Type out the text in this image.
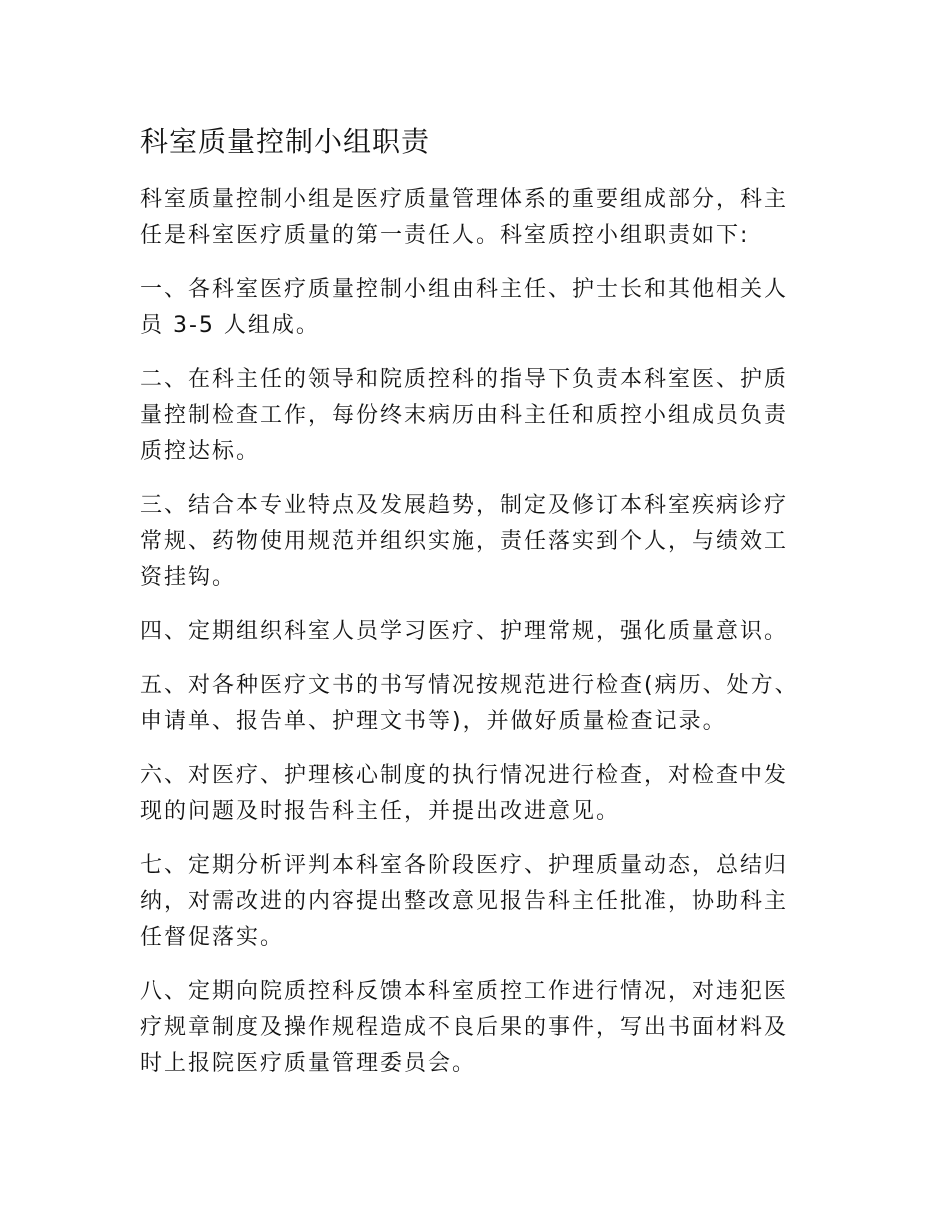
科室质量控制小组职责

科室质量控制小组是医疗质量管理体系的重要组成部分，科主任是科室医疗质量的第一责任人。科室质控小组职责如下:

一、各科室医疗质量控制小组由科主任、护士长和其他相关人员 3-5 人组成。

二、在科主任的领导和院质控科的指导下负责本科室医、护质量控制检查工作，每份终末病历由科主任和质控小组成员负责质控达标。

三、结合本专业特点及发展趋势，制定及修订本科室疾病诊疗常规、药物使用规范并组织实施，责任落实到个人，与绩效工资挂钩。

四、定期组织科室人员学习医疗、护理常规，强化质量意识。

五、对各种医疗文书的书写情况按规范进行检查(病历、处方、申请单、报告单、护理文书等)，并做好质量检查记录。

六、对医疗、护理核心制度的执行情况进行检查，对检查中发现的问题及时报告科主任，并提出改进意见。

七、定期分析评判本科室各阶段医疗、护理质量动态，总结归纳，对需改进的内容提出整改意见报告科主任批准，协助科主任督促落实。

八、定期向院质控科反馈本科室质控工作进行情况，对违犯医疗规章制度及操作规程造成不良后果的事件，写出书面材料及时上报院医疗质量管理委员会。
